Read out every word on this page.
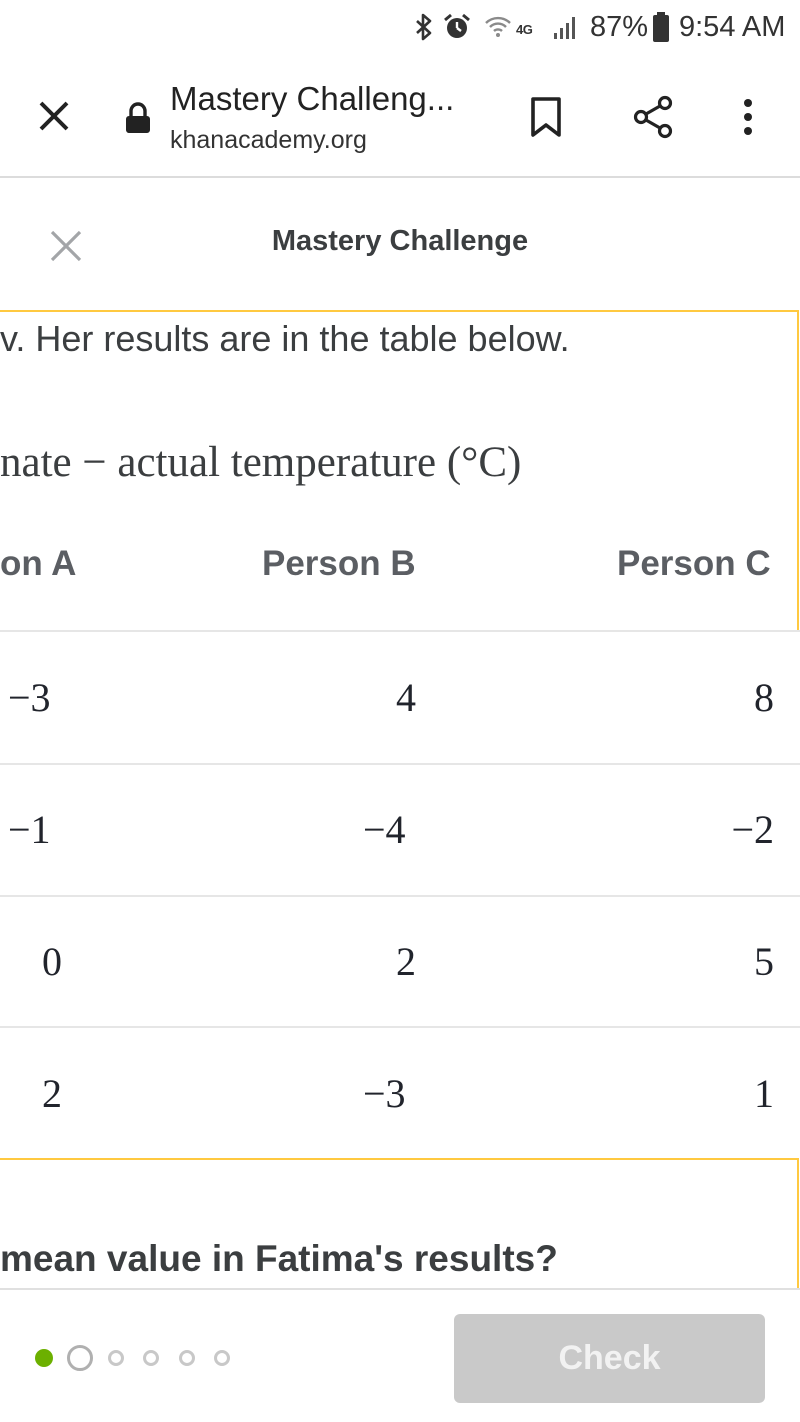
4G 87% 9:54 AM
Mastery Challeng...
khanacademy.org
Mastery Challenge
v. Her results are in the table below.
nate − actual temperature (°C)
on A	Person B	Person C
−3	4	8
−1	−4	−2
0	2	5
2	−3	1
mean value in Fatima's results?
Check
